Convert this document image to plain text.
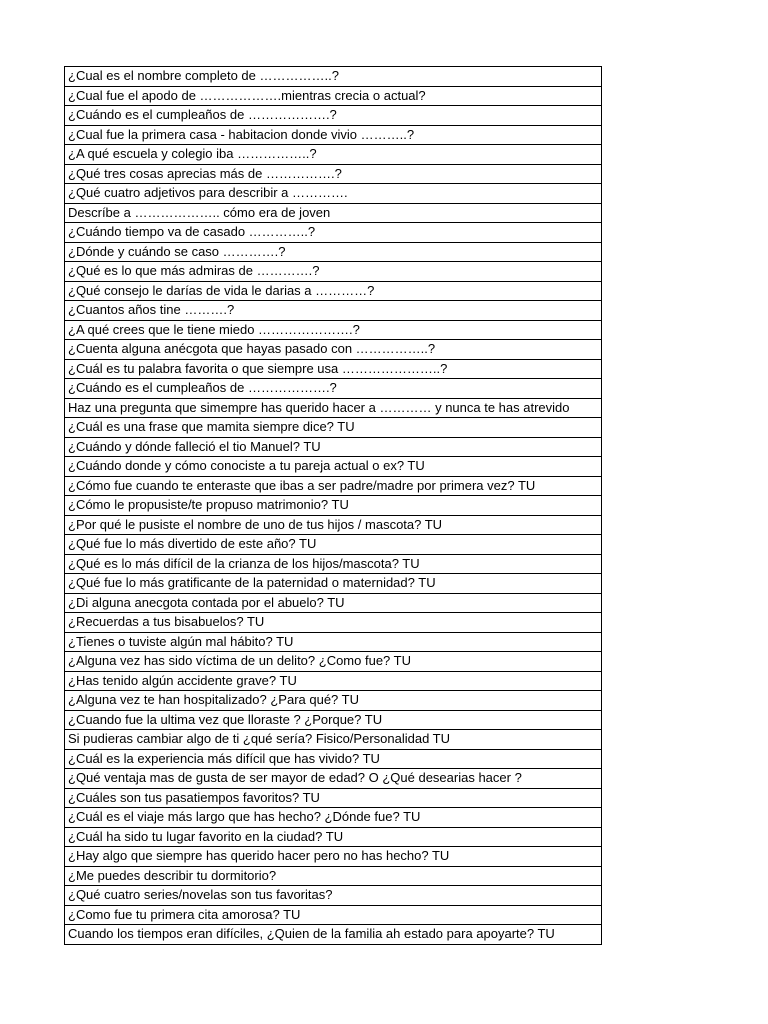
¿Cual es el nombre completo de ……………..?
¿Cual fue el apodo de ……………….mientras crecia o actual?
¿Cuándo es el cumpleaños de ……………….?
¿Cual fue la primera casa - habitacion donde vivio ………..?
¿A qué escuela y colegio iba ……………..?
¿Qué tres cosas aprecias más de …………….?
¿Qué cuatro adjetivos para describir a ………….
Descríbe a ……………….. cómo era de joven
¿Cuándo tiempo va de casado …………..?
¿Dónde y cuándo se caso ………….?
¿Qué es lo que más admiras de ………….?
¿Qué consejo le darías de vida le darias a …………?
¿Cuantos años tine ……….?
¿A qué crees que le tiene miedo ………………….?
¿Cuenta alguna anécgota que hayas pasado con ……………..?
¿Cuál es tu palabra favorita o que siempre usa …………………..?
¿Cuándo es el cumpleaños de ……………….?
Haz una pregunta que simempre has querido hacer a ………… y nunca te has atrevido
¿Cuál es una frase que mamita siempre dice? TU
¿Cuándo y dónde falleció el tio Manuel? TU
¿Cuándo donde y cómo conociste a tu pareja actual o ex? TU
¿Cómo fue cuando te enteraste que ibas a ser padre/madre por primera vez? TU
¿Cómo le propusiste/te propuso matrimonio? TU
¿Por qué le pusiste el nombre de uno de tus hijos / mascota? TU
¿Qué fue lo más divertido de este año? TU
¿Qué es lo más difícil de la crianza de los hijos/mascota? TU
¿Qué fue lo más gratificante de la paternidad o maternidad? TU
¿Di alguna anecgota contada por el abuelo? TU
¿Recuerdas a tus bisabuelos? TU
¿Tienes o tuviste algún mal hábito? TU
¿Alguna vez has sido víctima de un delito? ¿Como fue? TU
¿Has tenido algún accidente grave? TU
¿Alguna vez te han hospitalizado? ¿Para qué? TU
¿Cuando fue la ultima vez que lloraste ? ¿Porque? TU
Si pudieras cambiar algo de ti ¿qué sería? Fisico/Personalidad TU
¿Cuál es la experiencia más difícil que has vivido? TU
¿Qué ventaja mas de gusta de ser mayor de edad? O ¿Qué desearias hacer ?
¿Cuáles son tus pasatiempos favoritos? TU
¿Cuál es el viaje más largo que has hecho? ¿Dónde fue? TU
¿Cuál ha sido tu lugar favorito en la ciudad? TU
¿Hay algo que siempre has querido hacer pero no has hecho? TU
¿Me puedes describir tu dormitorio?
¿Qué cuatro series/novelas son tus favoritas?
¿Como fue tu primera cita amorosa? TU
Cuando los tiempos eran difíciles, ¿Quien de la familia ah estado para apoyarte? TU
